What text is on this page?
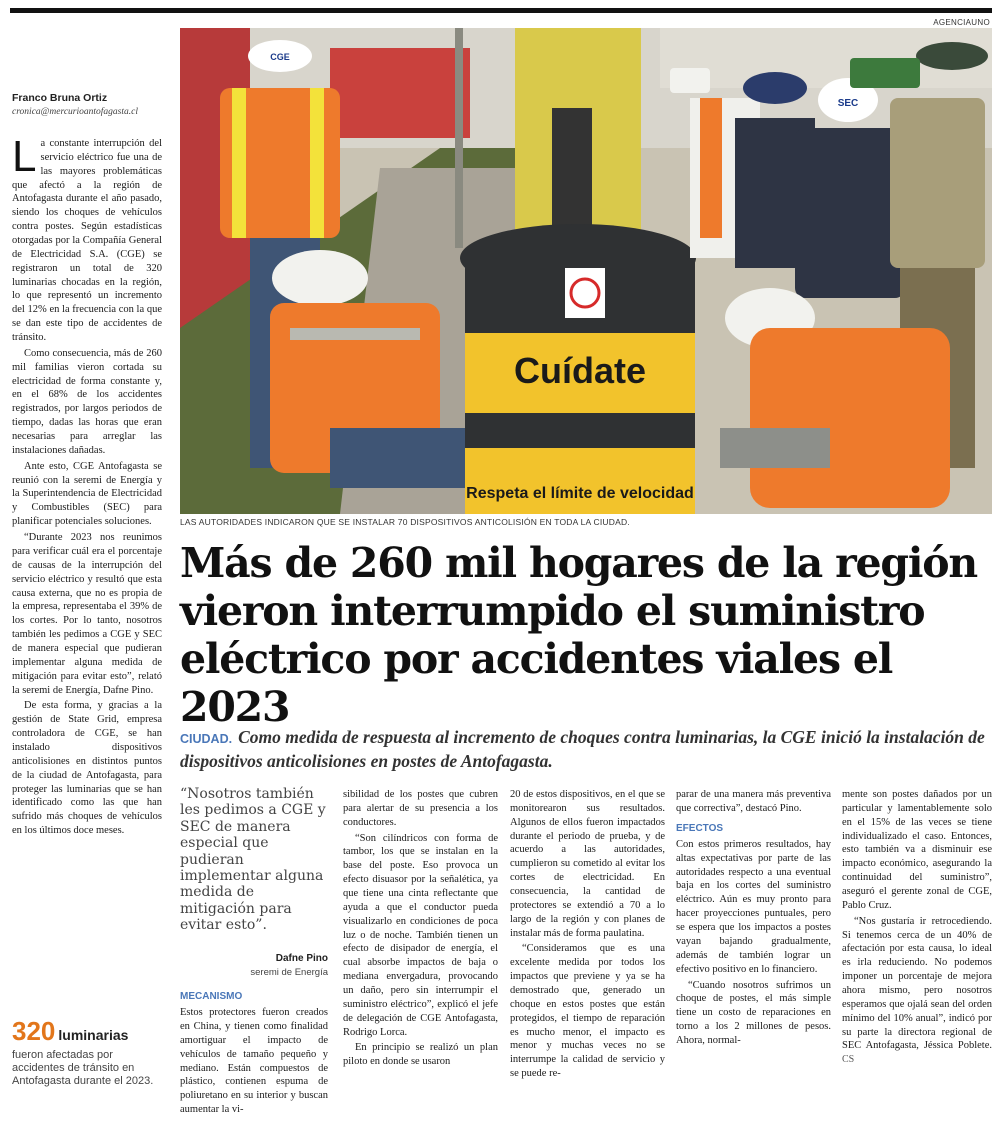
AGENCIAUNO
Franco Bruna Ortiz
cronica@mercurioantofagasta.cl

La constante interrupción del servicio eléctrico fue una de las mayores problemáticas que afectó a la región de Antofagasta durante el año pasado, siendo los choques de vehículos contra postes. Según estadísticas otorgadas por la Compañía General de Electricidad S.A. (CGE) se registraron un total de 320 luminarias chocadas en la región, lo que representó un incremento del 12% en la frecuencia con la que se dan este tipo de accidentes de tránsito.

Como consecuencia, más de 260 mil familias vieron cortada su electricidad de forma constante y, en el 68% de los accidentes registrados, por largos periodos de tiempo, dadas las horas que eran necesarias para arreglar las instalaciones dañadas.

Ante esto, CGE Antofagasta se reunió con la seremi de Energía y la Superintendencia de Electricidad y Combustibles (SEC) para planificar potenciales soluciones.

“Durante 2023 nos reunimos para verificar cuál era el porcentaje de causas de la interrupción del servicio eléctrico y resultó que esta causa externa, que no es propia de la empresa, representaba el 39% de los cortes. Por lo tanto, nosotros también les pedimos a CGE y SEC de manera especial que pudieran implementar alguna medida de mitigación para evitar esto”, relató la seremi de Energía, Dafne Pino.

De esta forma, y gracias a la gestión de State Grid, empresa controladora de CGE, se han instalado dispositivos anticolisiones en distintos puntos de la ciudad de Antofagasta, para proteger las luminarias que se han identificado como las que han sufrido más choques de vehículos en los últimos doce meses.

320 luminarias
fueron afectadas por accidentes de tránsito en Antofagasta durante el 2023.
Cuídate
Respeta el límite de velocidad
SEC
CGE
LAS AUTORIDADES INDICARON QUE SE INSTALAR 70 DISPOSITIVOS ANTICOLISIÓN EN TODA LA CIUDAD.
Más de 260 mil hogares de la región vieron interrumpido el suministro eléctrico por accidentes viales el 2023
CIUDAD. Como medida de respuesta al incremento de choques contra luminarias, la CGE inició la instalación de dispositivos anticolisiones en postes de Antofagasta.
“Nosotros también les pedimos a CGE y SEC de manera especial que pudieran implementar alguna medida de mitigación para evitar esto”.
Dafne Pino
seremi de Energía
MECANISMO

Estos protectores fueron creados en China, y tienen como finalidad amortiguar el impacto de vehículos de tamaño pequeño y mediano. Están compuestos de plástico, contienen espuma de poliuretano en su interior y buscan aumentar la vi-

sibilidad de los postes que cubren para alertar de su presencia a los conductores.

“Son cilíndricos con forma de tambor, los que se instalan en la base del poste. Eso provoca un efecto disuasor por la señalética, ya que tiene una cinta reflectante que ayuda a que el conductor pueda visualizarlo en condiciones de poca luz o de noche. También tienen un efecto de disipador de energía, el cual absorbe impactos de baja o mediana envergadura, provocando un daño, pero sin interrumpir el suministro eléctrico”, explicó el jefe de delegación de CGE Antofagasta, Rodrigo Lorca.

En principio se realizó un plan piloto en donde se usaron

20 de estos dispositivos, en el que se monitorearon sus resultados. Algunos de ellos fueron impactados durante el periodo de prueba, y de acuerdo a las autoridades, cumplieron su cometido al evitar los cortes de electricidad. En consecuencia, la cantidad de protectores se extendió a 70 a lo largo de la región y con planes de instalar más de forma paulatina.

“Consideramos que es una excelente medida por todos los impactos que previene y ya se ha demostrado que, generado un choque en estos postes que están protegidos, el tiempo de reparación es mucho menor, el impacto es menor y muchas veces no se interrumpe la calidad de servicio y se puede re-

parar de una manera más preventiva que correctiva”, destacó Pino.

EFECTOS

Con estos primeros resultados, hay altas expectativas por parte de las autoridades respecto a una eventual baja en los cortes del suministro eléctrico. Aún es muy pronto para hacer proyecciones puntuales, pero se espera que los impactos a postes vayan bajando gradualmente, además de también lograr un efectivo positivo en lo financiero.

“Cuando nosotros sufrimos un choque de postes, el más simple tiene un costo de reparaciones en torno a los 2 millones de pesos. Ahora, normal-

mente son postes dañados por un particular y lamentablemente solo en el 15% de las veces se tiene individualizado el caso. Entonces, esto también va a disminuir ese impacto económico, asegurando la continuidad del suministro”, aseguró el gerente zonal de CGE, Pablo Cruz.

“Nos gustaría ir retrocediendo. Si tenemos cerca de un 40% de afectación por esta causa, lo ideal es irla reduciendo. No podemos imponer un porcentaje de mejora ahora mismo, pero nosotros esperamos que ojalá sean del orden mínimo del 10% anual”, indicó por su parte la directora regional de SEC Antofagasta, Jéssica Poblete. CS
